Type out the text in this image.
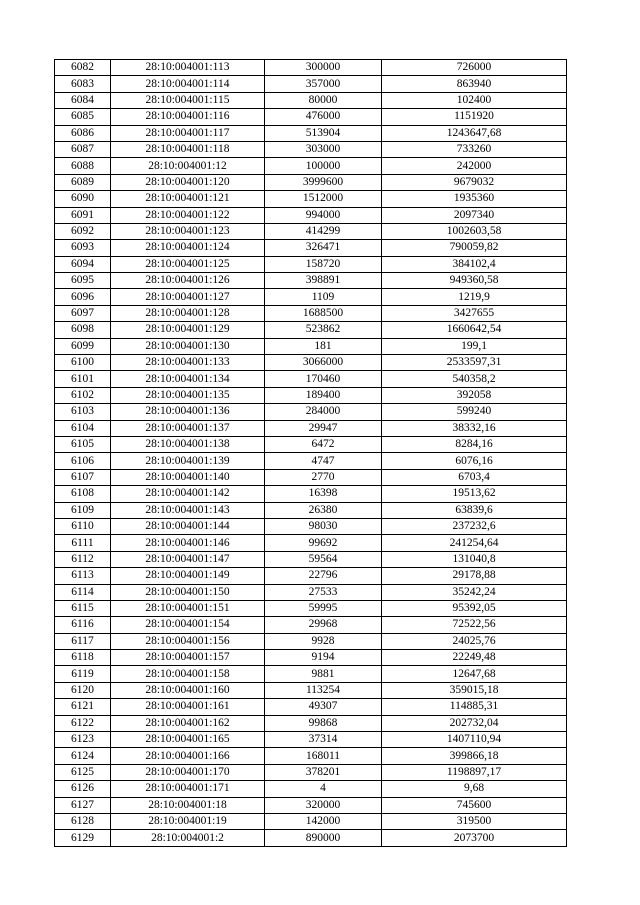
6082	28:10:004001:113	300000	726000
6083	28:10:004001:114	357000	863940
6084	28:10:004001:115	80000	102400
6085	28:10:004001:116	476000	1151920
6086	28:10:004001:117	513904	1243647,68
6087	28:10:004001:118	303000	733260
6088	28:10:004001:12	100000	242000
6089	28:10:004001:120	3999600	9679032
6090	28:10:004001:121	1512000	1935360
6091	28:10:004001:122	994000	2097340
6092	28:10:004001:123	414299	1002603,58
6093	28:10:004001:124	326471	790059,82
6094	28:10:004001:125	158720	384102,4
6095	28:10:004001:126	398891	949360,58
6096	28:10:004001:127	1109	1219,9
6097	28:10:004001:128	1688500	3427655
6098	28:10:004001:129	523862	1660642,54
6099	28:10:004001:130	181	199,1
6100	28:10:004001:133	3066000	2533597,31
6101	28:10:004001:134	170460	540358,2
6102	28:10:004001:135	189400	392058
6103	28:10:004001:136	284000	599240
6104	28:10:004001:137	29947	38332,16
6105	28:10:004001:138	6472	8284,16
6106	28:10:004001:139	4747	6076,16
6107	28:10:004001:140	2770	6703,4
6108	28:10:004001:142	16398	19513,62
6109	28:10:004001:143	26380	63839,6
6110	28:10:004001:144	98030	237232,6
6111	28:10:004001:146	99692	241254,64
6112	28:10:004001:147	59564	131040,8
6113	28:10:004001:149	22796	29178,88
6114	28:10:004001:150	27533	35242,24
6115	28:10:004001:151	59995	95392,05
6116	28:10:004001:154	29968	72522,56
6117	28:10:004001:156	9928	24025,76
6118	28:10:004001:157	9194	22249,48
6119	28:10:004001:158	9881	12647,68
6120	28:10:004001:160	113254	359015,18
6121	28:10:004001:161	49307	114885,31
6122	28:10:004001:162	99868	202732,04
6123	28:10:004001:165	37314	1407110,94
6124	28:10:004001:166	168011	399866,18
6125	28:10:004001:170	378201	1198897,17
6126	28:10:004001:171	4	9,68
6127	28:10:004001:18	320000	745600
6128	28:10:004001:19	142000	319500
6129	28:10:004001:2	890000	2073700
